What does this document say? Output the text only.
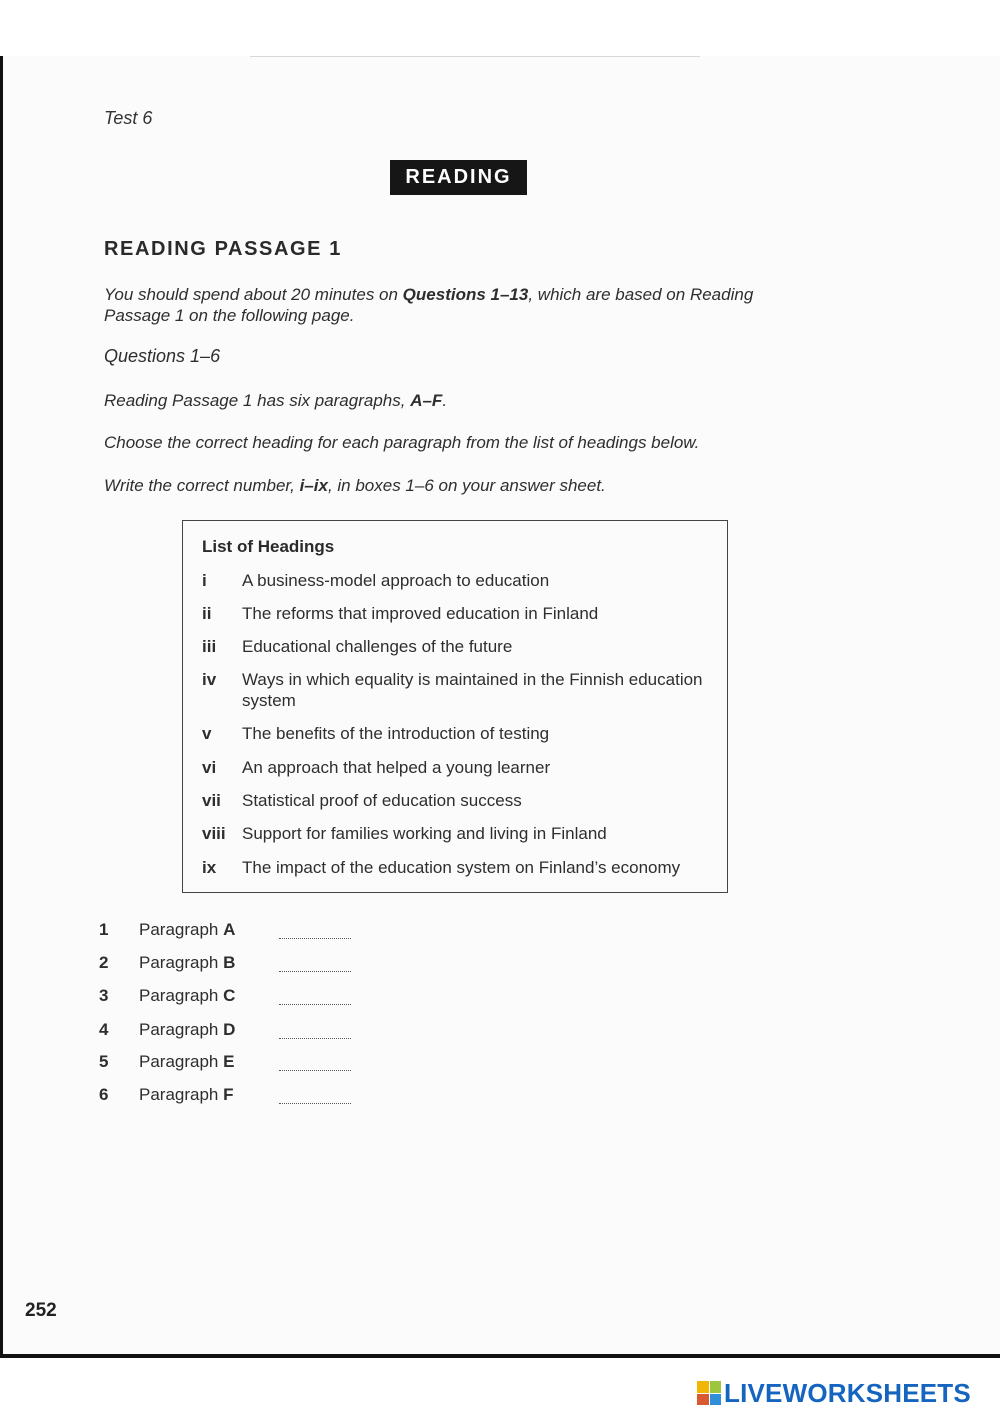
Test 6
READING
READING PASSAGE 1
You should spend about 20 minutes on Questions 1–13, which are based on Reading Passage 1 on the following page.
Questions 1–6
Reading Passage 1 has six paragraphs, A–F.
Choose the correct heading for each paragraph from the list of headings below.
Write the correct number, i–ix, in boxes 1–6 on your answer sheet.
List of Headings
i A business-model approach to education
ii The reforms that improved education in Finland
iii Educational challenges of the future
iv Ways in which equality is maintained in the Finnish education system
v The benefits of the introduction of testing
vi An approach that helped a young learner
vii Statistical proof of education success
viii Support for families working and living in Finland
ix The impact of the education system on Finland’s economy
1 Paragraph A
2 Paragraph B
3 Paragraph C
4 Paragraph D
5 Paragraph E
6 Paragraph F
252
LIVEWORKSHEETS
